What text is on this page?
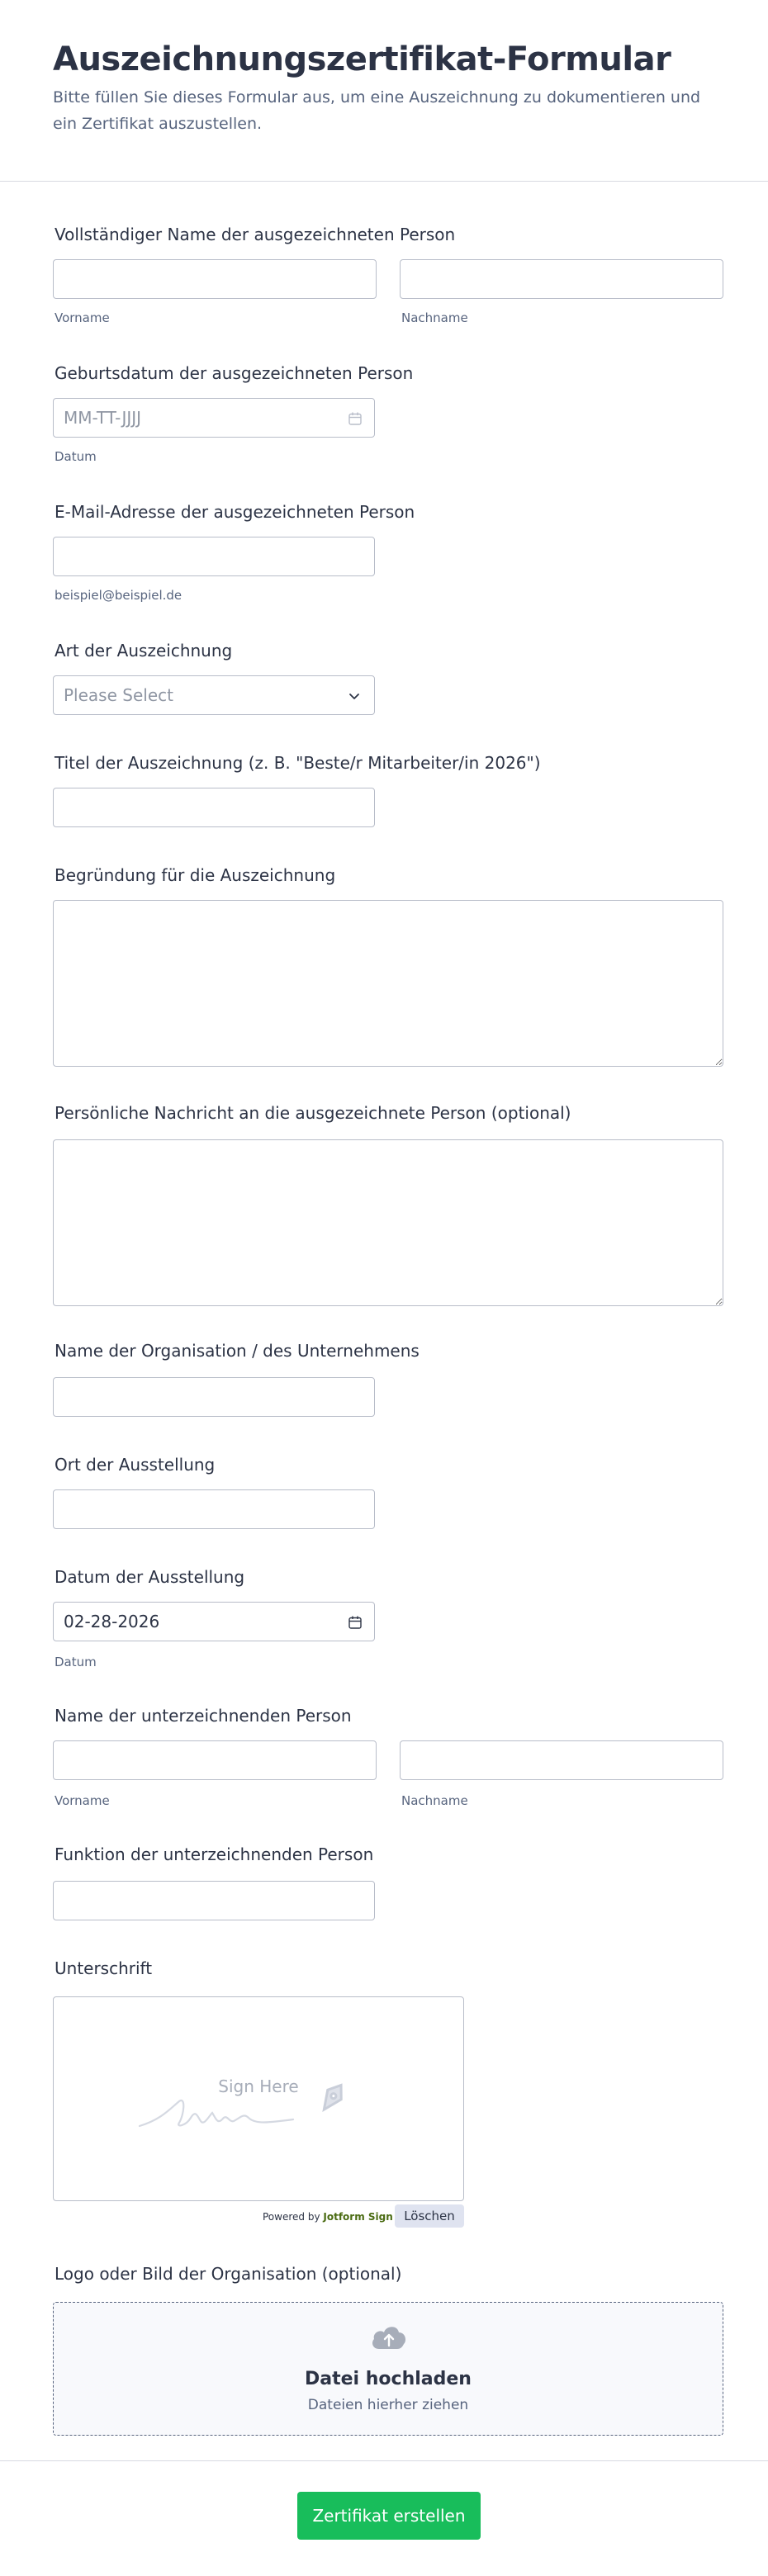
Auszeichnungszertifikat-Formular

Bitte füllen Sie dieses Formular aus, um eine Auszeichnung zu dokumentieren und ein Zertifikat auszustellen.

Vollständiger Name der ausgezeichneten Person
Vorname	Nachname
Geburtsdatum der ausgezeichneten Person
MM-TT-JJJJ
Datum
E-Mail-Adresse der ausgezeichneten Person
beispiel@beispiel.de
Art der Auszeichnung
Please Select
Titel der Auszeichnung (z. B. "Beste/r Mitarbeiter/in 2026")
Begründung für die Auszeichnung
Persönliche Nachricht an die ausgezeichnete Person (optional)
Name der Organisation / des Unternehmens
Ort der Ausstellung
Datum der Ausstellung
02-28-2026
Datum
Name der unterzeichnenden Person
Vorname	Nachname
Funktion der unterzeichnenden Person
Unterschrift
Sign Here
Powered by Jotform Sign Löschen
Logo oder Bild der Organisation (optional)
Datei hochladen
Dateien hierher ziehen
Zertifikat erstellen
